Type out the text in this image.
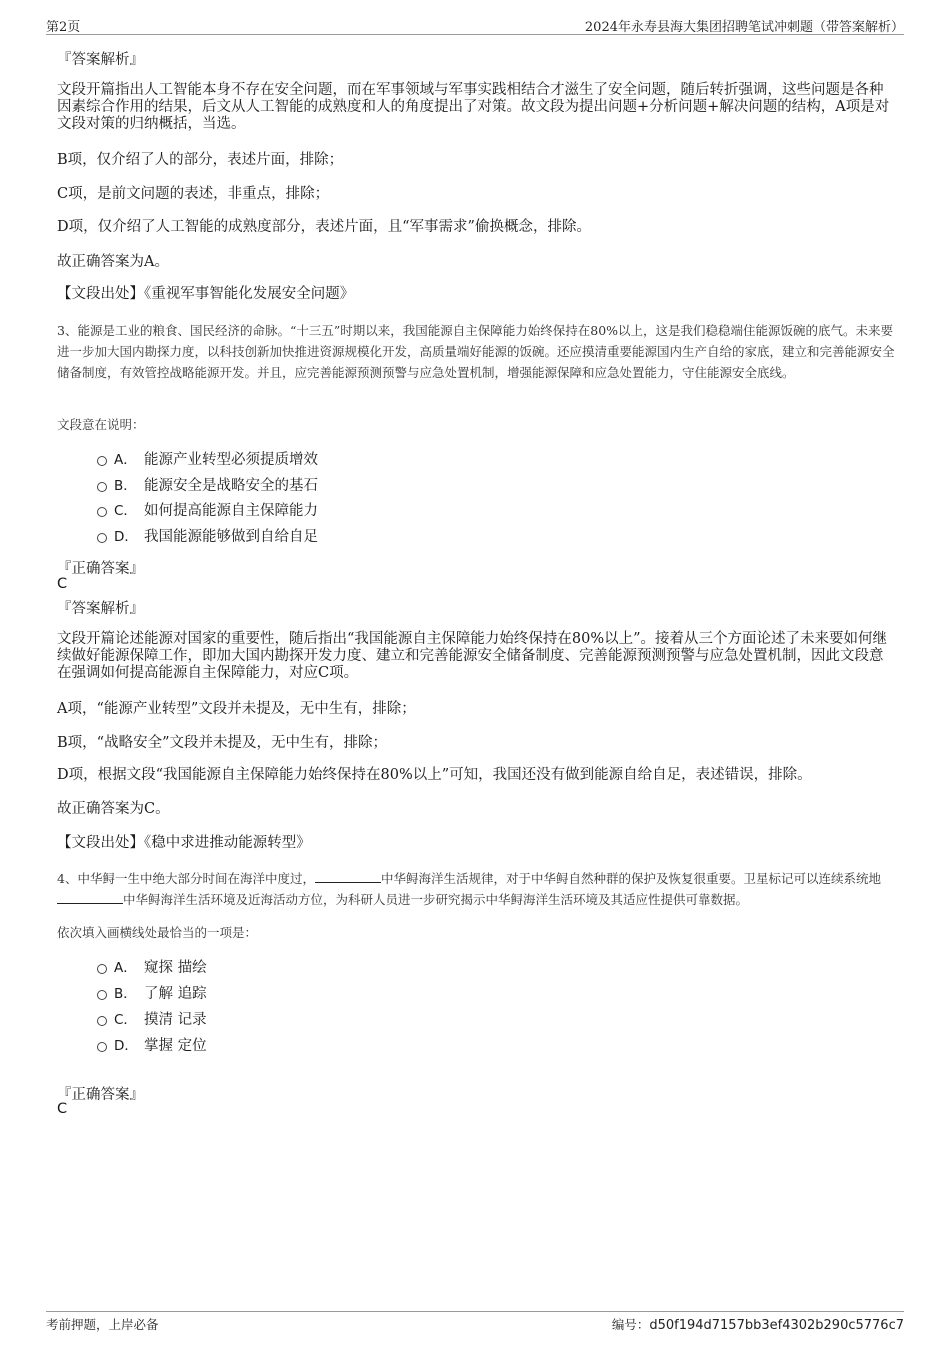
第2页	2024年永寿县海大集团招聘笔试冲刺题（带答案解析）
『答案解析』
文段开篇指出人工智能本身不存在安全问题，而在军事领域与军事实践相结合才滋生了安全问题，随后转折强调，这些问题是各种因素综合作用的结果，后文从人工智能的成熟度和人的角度提出了对策。故文段为提出问题+分析问题+解决问题的结构，A项是对文段对策的归纳概括，当选。
B项，仅介绍了人的部分，表述片面，排除；
C项，是前文问题的表述，非重点，排除；
D项，仅介绍了人工智能的成熟度部分，表述片面，且“军事需求”偷换概念，排除。
故正确答案为A。
【文段出处】《重视军事智能化发展安全问题》
3、能源是工业的粮食、国民经济的命脉。“十三五”时期以来，我国能源自主保障能力始终保持在80%以上，这是我们稳稳端住能源饭碗的底气。未来要进一步加大国内勘探力度，以科技创新加快推进资源规模化开发，高质量端好能源的饭碗。还应摸清重要能源国内生产自给的家底，建立和完善能源安全储备制度，有效管控战略能源开发。并且，应完善能源预测预警与应急处置机制，增强能源保障和应急处置能力，守住能源安全底线。
文段意在说明：
A． 能源产业转型必须提质增效
B． 能源安全是战略安全的基石
C． 如何提高能源自主保障能力
D． 我国能源能够做到自给自足
『正确答案』
C
『答案解析』
文段开篇论述能源对国家的重要性，随后指出“我国能源自主保障能力始终保持在80%以上”。接着从三个方面论述了未来要如何继续做好能源保障工作，即加大国内勘探开发力度、建立和完善能源安全储备制度、完善能源预测预警与应急处置机制，因此文段意在强调如何提高能源自主保障能力，对应C项。
A项，“能源产业转型”文段并未提及，无中生有，排除；
B项，“战略安全”文段并未提及，无中生有，排除；
D项，根据文段“我国能源自主保障能力始终保持在80%以上”可知，我国还没有做到能源自给自足，表述错误，排除。
故正确答案为C。
【文段出处】《稳中求进推动能源转型》
4、中华鲟一生中绝大部分时间在海洋中度过，	中华鲟海洋生活规律，对于中华鲟自然种群的保护及恢复很重要。卫星标记可以连续系统地中华鲟海洋生活环境及近海活动方位，为科研人员进一步研究揭示中华鲟海洋生活环境及其适应性提供可靠数据。
依次填入画横线处最恰当的一项是：
A． 窥探 描绘
B． 了解 追踪
C． 摸清 记录
D． 掌握 定位
『正确答案』
C
考前押题，上岸必备	编号：d50f194d7157bb3ef4302b290c5776c7
